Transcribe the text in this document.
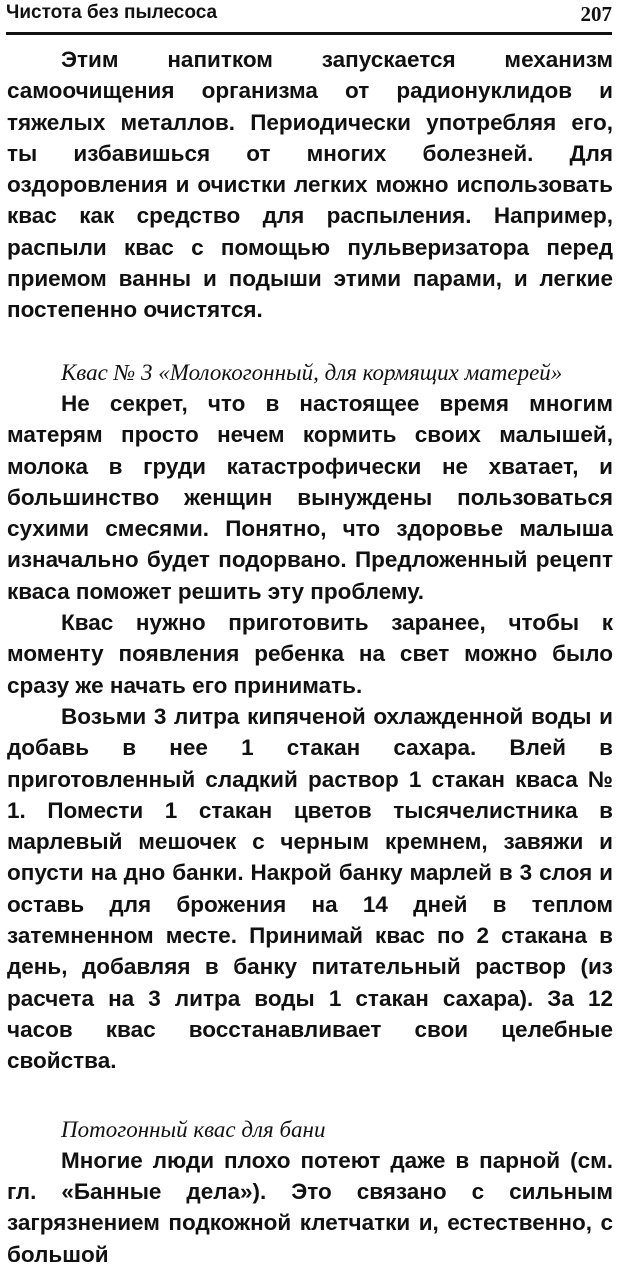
Чистота без пылесоса	207

Этим напитком запускается механизм самоочищения организма от радионуклидов и тяжелых металлов. Периодически употребляя его, ты избавишься от многих болезней. Для оздоровления и очистки легких можно использовать квас как средство для распыления. Например, распыли квас с помощью пульверизатора перед приемом ванны и подыши этими парами, и легкие постепенно очистятся.

Квас № 3 «Молокогонный, для кормящих матерей»

Не секрет, что в настоящее время многим матерям просто нечем кормить своих малышей, молока в груди катастрофически не хватает, и большинство женщин вынуждены пользоваться сухими смесями. Понятно, что здоровье малыша изначально будет подорвано. Предложенный рецепт кваса поможет решить эту проблему.

Квас нужно приготовить заранее, чтобы к моменту появления ребенка на свет можно было сразу же начать его принимать.

Возьми 3 литра кипяченой охлажденной воды и добавь в нее 1 стакан сахара. Влей в приготовленный сладкий раствор 1 стакан кваса № 1. Помести 1 стакан цветов тысячелистника в марлевый мешочек с черным кремнем, завяжи и опусти на дно банки. Накрой банку марлей в 3 слоя и оставь для брожения на 14 дней в теплом затемненном месте. Принимай квас по 2 стакана в день, добавляя в банку питательный раствор (из расчета на 3 литра воды 1 стакан сахара). За 12 часов квас восстанавливает свои целебные свойства.

Потогонный квас для бани

Многие люди плохо потеют даже в парной (см. гл. «Банные дела»). Это связано с сильным загрязнением подкожной клетчатки и, естественно, с большой
